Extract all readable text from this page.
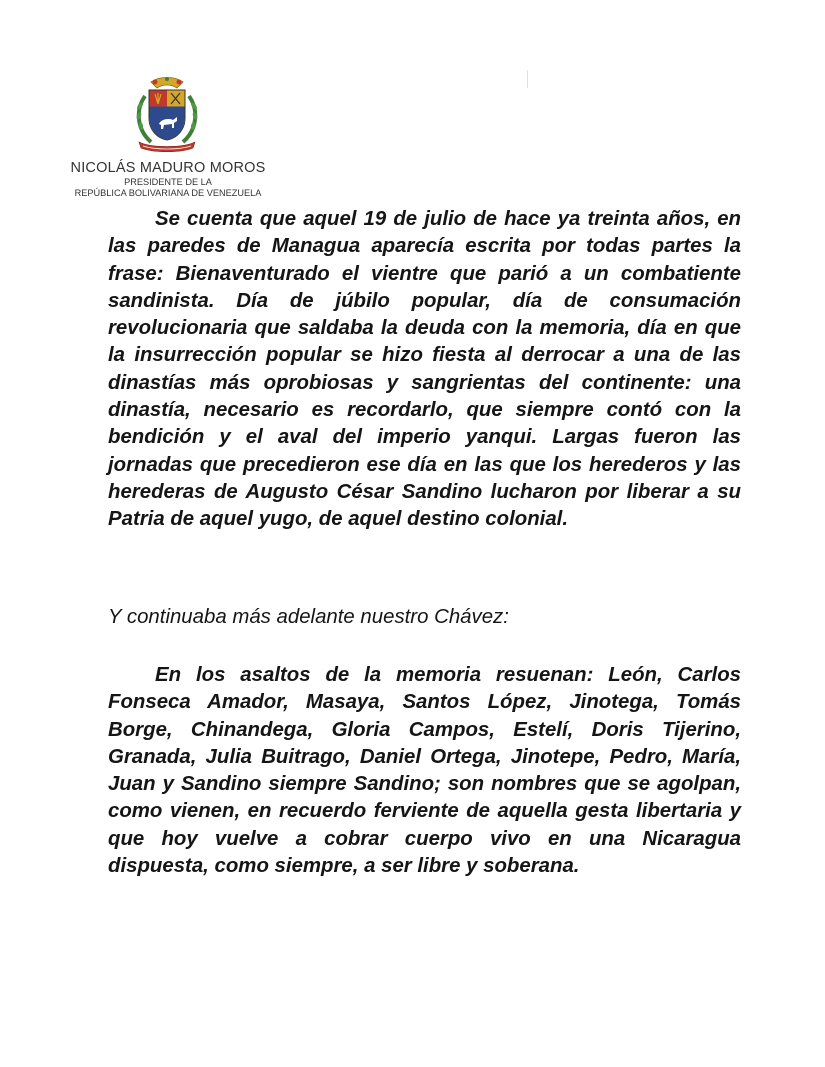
NICOLÁS MADURO MOROS
PRESIDENTE DE LA
REPÚBLICA BOLIVARIANA DE VENEZUELA
Se cuenta que aquel 19 de julio de hace ya treinta años, en las paredes de Managua aparecía escrita por todas partes la frase: Bienaventurado el vientre que parió a un combatiente sandinista. Día de júbilo popular, día de consumación revolucionaria que saldaba la deuda con la memoria, día en que la insurrección popular se hizo fiesta al derrocar a una de las dinastías más oprobiosas y sangrientas del continente: una dinastía, necesario es recordarlo, que siempre contó con la bendición y el aval del imperio yanqui. Largas fueron las jornadas que precedieron ese día en las que los herederos y las herederas de Augusto César Sandino lucharon por liberar a su Patria de aquel yugo, de aquel destino colonial.
Y continuaba más adelante nuestro Chávez:
En los asaltos de la memoria resuenan: León, Carlos Fonseca Amador, Masaya, Santos López, Jinotega, Tomás Borge, Chinandega, Gloria Campos, Estelí, Doris Tijerino, Granada, Julia Buitrago, Daniel Ortega, Jinotepe, Pedro, María, Juan y Sandino siempre Sandino; son nombres que se agolpan, como vienen, en recuerdo ferviente de aquella gesta libertaria y que hoy vuelve a cobrar cuerpo vivo en una Nicaragua dispuesta, como siempre, a ser libre y soberana.
